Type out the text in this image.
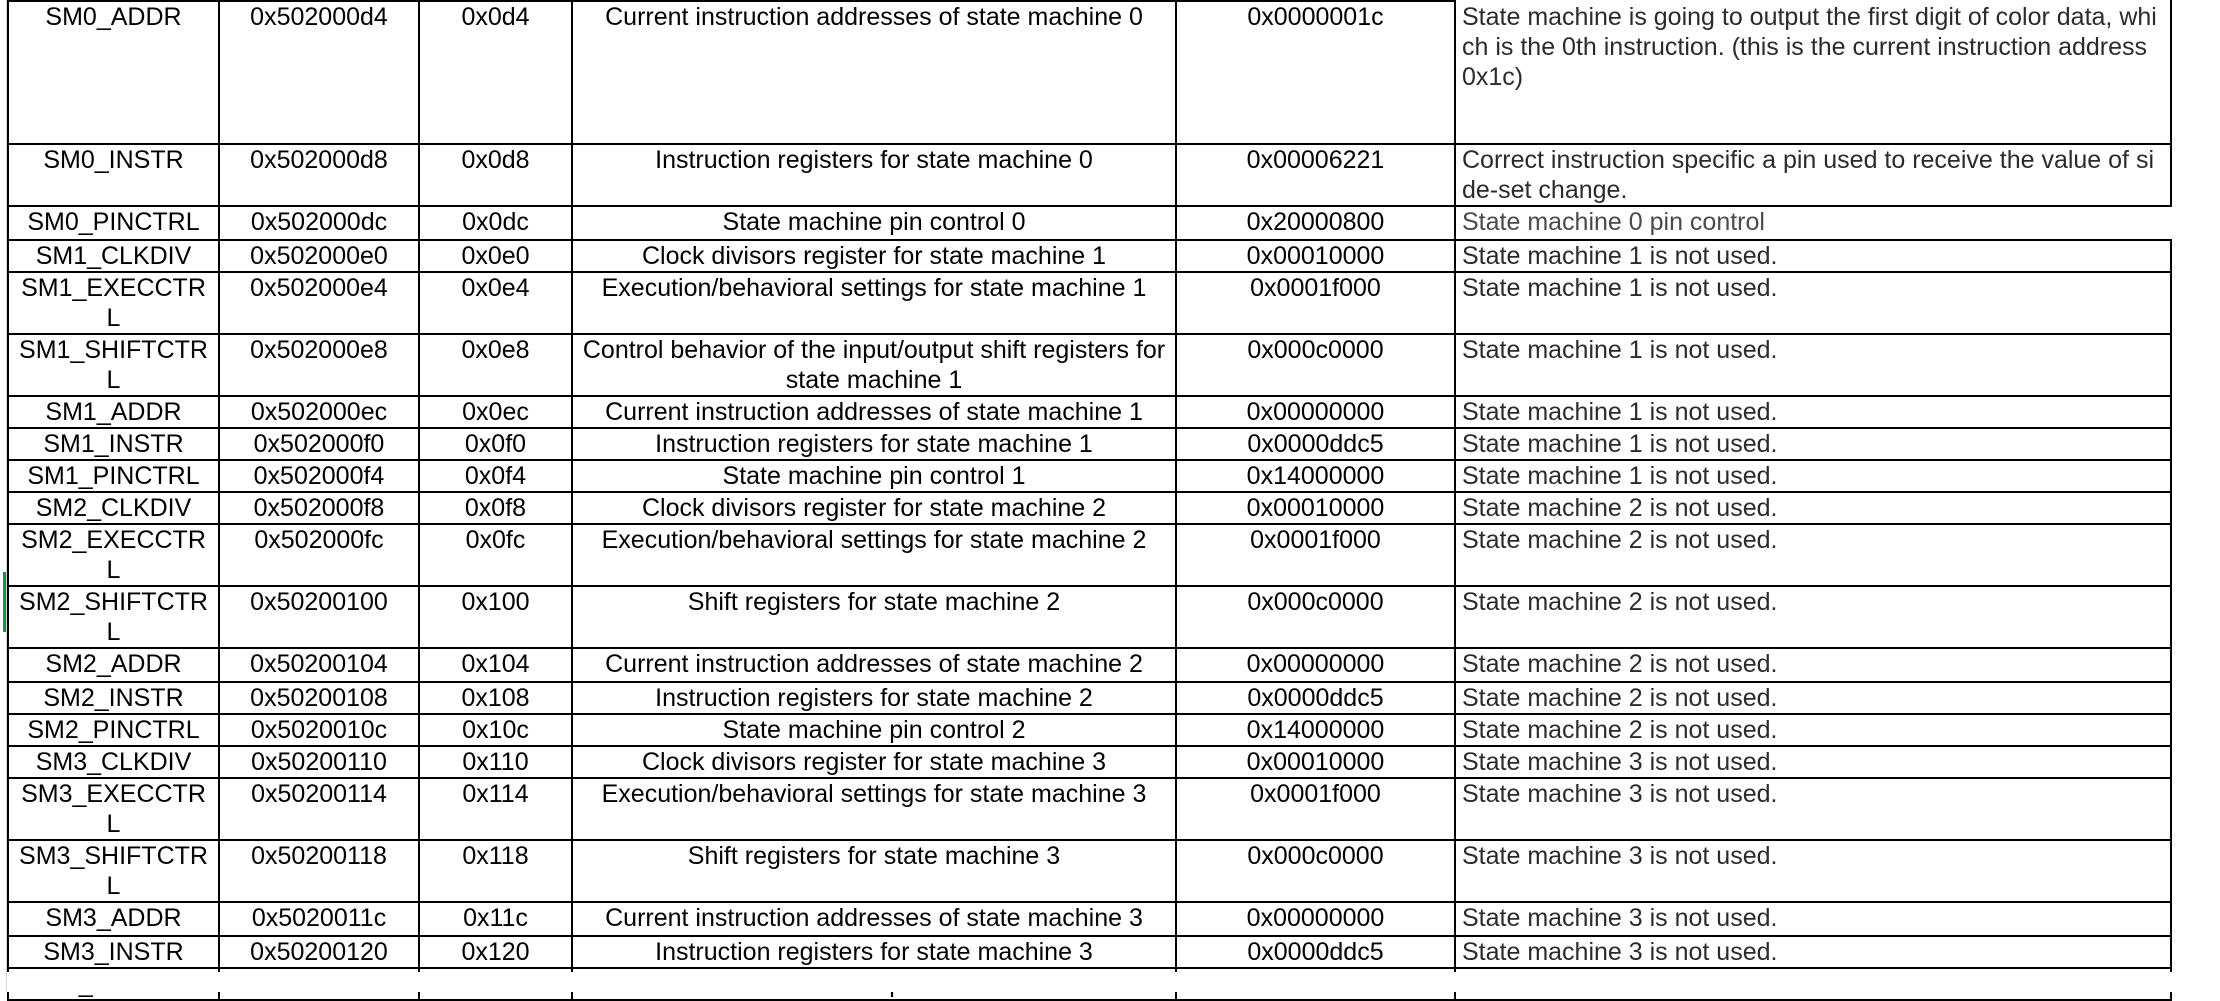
SM0_ADDR	0x502000d4	0x0d4	Current instruction addresses of state machine 0	0x0000001c	State machine is going to output the first digit of color data, which is the 0th instruction. (this is the current instruction address 0x1c)
SM0_INSTR	0x502000d8	0x0d8	Instruction registers for state machine 0	0x00006221	Correct instruction specific a pin used to receive the value of side-set change.
SM0_PINCTRL	0x502000dc	0x0dc	State machine pin control 0	0x20000800	State machine 0 pin control
SM1_CLKDIV	0x502000e0	0x0e0	Clock divisors register for state machine 1	0x00010000	State machine 1 is not used.
SM1_EXECCTRL	0x502000e4	0x0e4	Execution/behavioral settings for state machine 1	0x0001f000	State machine 1 is not used.
SM1_SHIFTCTRL	0x502000e8	0x0e8	Control behavior of the input/output shift registers for state machine 1	0x000c0000	State machine 1 is not used.
SM1_ADDR	0x502000ec	0x0ec	Current instruction addresses of state machine 1	0x00000000	State machine 1 is not used.
SM1_INSTR	0x502000f0	0x0f0	Instruction registers for state machine 1	0x0000ddc5	State machine 1 is not used.
SM1_PINCTRL	0x502000f4	0x0f4	State machine pin control 1	0x14000000	State machine 1 is not used.
SM2_CLKDIV	0x502000f8	0x0f8	Clock divisors register for state machine 2	0x00010000	State machine 2 is not used.
SM2_EXECCTRL	0x502000fc	0x0fc	Execution/behavioral settings for state machine 2	0x0001f000	State machine 2 is not used.
SM2_SHIFTCTRL	0x50200100	0x100	Shift registers for state machine 2	0x000c0000	State machine 2 is not used.
SM2_ADDR	0x50200104	0x104	Current instruction addresses of state machine 2	0x00000000	State machine 2 is not used.
SM2_INSTR	0x50200108	0x108	Instruction registers for state machine 2	0x0000ddc5	State machine 2 is not used.
SM2_PINCTRL	0x5020010c	0x10c	State machine pin control 2	0x14000000	State machine 2 is not used.
SM3_CLKDIV	0x50200110	0x110	Clock divisors register for state machine 3	0x00010000	State machine 3 is not used.
SM3_EXECCTRL	0x50200114	0x114	Execution/behavioral settings for state machine 3	0x0001f000	State machine 3 is not used.
SM3_SHIFTCTRL	0x50200118	0x118	Shift registers for state machine 3	0x000c0000	State machine 3 is not used.
SM3_ADDR	0x5020011c	0x11c	Current instruction addresses of state machine 3	0x00000000	State machine 3 is not used.
SM3_INSTR	0x50200120	0x120	Instruction registers for state machine 3	0x0000ddc5	State machine 3 is not used.
